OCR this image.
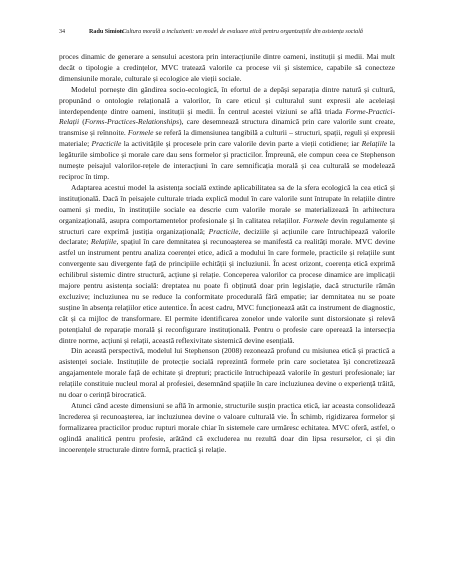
34	Radu Simion
/ Cultura morală a incluziunii: un model de evaluare etică pentru organizațiile din asistența socială

proces dinamic de generare a sensului acestora prin interacțiunile dintre oameni, instituții și medii. Mai mult decât o tipologie a credințelor, MVC tratează valorile ca procese vii și sistemice, capabile să conecteze dimensiunile morale, culturale și ecologice ale vieții sociale.

Modelul pornește din gândirea socio-ecologică, în efortul de a depăși separația dintre natură și cultură, propunând o ontologie relațională a valorilor, în care eticul și culturalul sunt expresii ale aceleiași interdependențe dintre oameni, instituții și medii. În centrul acestei viziuni se află triada Forme-Practici-Relații (Forms-Practices-Relationships), care desemnează structura dinamică prin care valorile sunt create, transmise și reînnoite. Formele se referă la dimensiunea tangibilă a culturii – structuri, spații, reguli și expresii materiale; Practicile la activitățile și procesele prin care valorile devin parte a vieții cotidiene; iar Relațiile la legăturile simbolice și morale care dau sens formelor și practicilor. Împreună, ele compun ceea ce Stephenson numește peisajul valorilor-rețele de interacțiuni în care semnificația morală și cea culturală se modelează reciproc în timp.

Adaptarea acestui model la asistența socială extinde aplicabilitatea sa de la sfera ecologică la cea etică și instituțională. Dacă în peisajele culturale triada explică modul în care valorile sunt întrupate în relațiile dintre oameni și mediu, în instituțiile sociale ea descrie cum valorile morale se materializează în arhitectura organizațională, asupra comportamentelor profesionale și în calitatea relațiilor. Formele devin regulamente și structuri care exprimă justiția organizațională; Practicile, deciziile și acțiunile care întruchipează valorile declarate; Relațiile, spațiul în care demnitatea și recunoașterea se manifestă ca realități morale. MVC devine astfel un instrument pentru analiza coerenței etice, adică a modului în care formele, practicile și relațiile sunt convergente sau divergente față de principiile echității și incluziunii. În acest orizont, coerența etică exprimă echilibrul sistemic dintre structură, acțiune și relație. Conceperea valorilor ca procese dinamice are implicații majore pentru asistența socială: dreptatea nu poate fi obținută doar prin legislație, dacă structurile rămân excluzive; incluziunea nu se reduce la conformitate procedurală fără empatie; iar demnitatea nu se poate susține în absența relațiilor etice autentice. În acest cadru, MVC funcționează atât ca instrument de diagnostic, cât și ca mijloc de transformare. El permite identificarea zonelor unde valorile sunt distorsionate și relevă potențialul de reparație morală și reconfigurare instituțională. Pentru o profesie care operează la intersecția dintre norme, acțiuni și relații, această reflexivitate sistemică devine esențială.

Din această perspectivă, modelul lui Stephenson (2008) rezonează profund cu misiunea etică și practică a asistenței sociale. Instituțiile de protecție socială reprezintă formele prin care societatea își concretizează angajamentele morale față de echitate și drepturi; practicile întruchipează valorile în gesturi profesionale; iar relațiile constituie nucleul moral al profesiei, desemnând spațiile în care incluziunea devine o experiență trăită, nu doar o cerință birocratică.

Atunci când aceste dimensiuni se află în armonie, structurile susțin practica etică, iar aceasta consolidează încrederea și recunoașterea, iar incluziunea devine o valoare culturală vie. În schimb, rigidizarea formelor și formalizarea practicilor produc rupturi morale chiar în sistemele care urmăresc echitatea. MVC oferă, astfel, o oglindă analitică pentru profesie, arătând că excluderea nu rezultă doar din lipsa resurselor, ci și din incoerențele structurale dintre formă, practică și relație.
